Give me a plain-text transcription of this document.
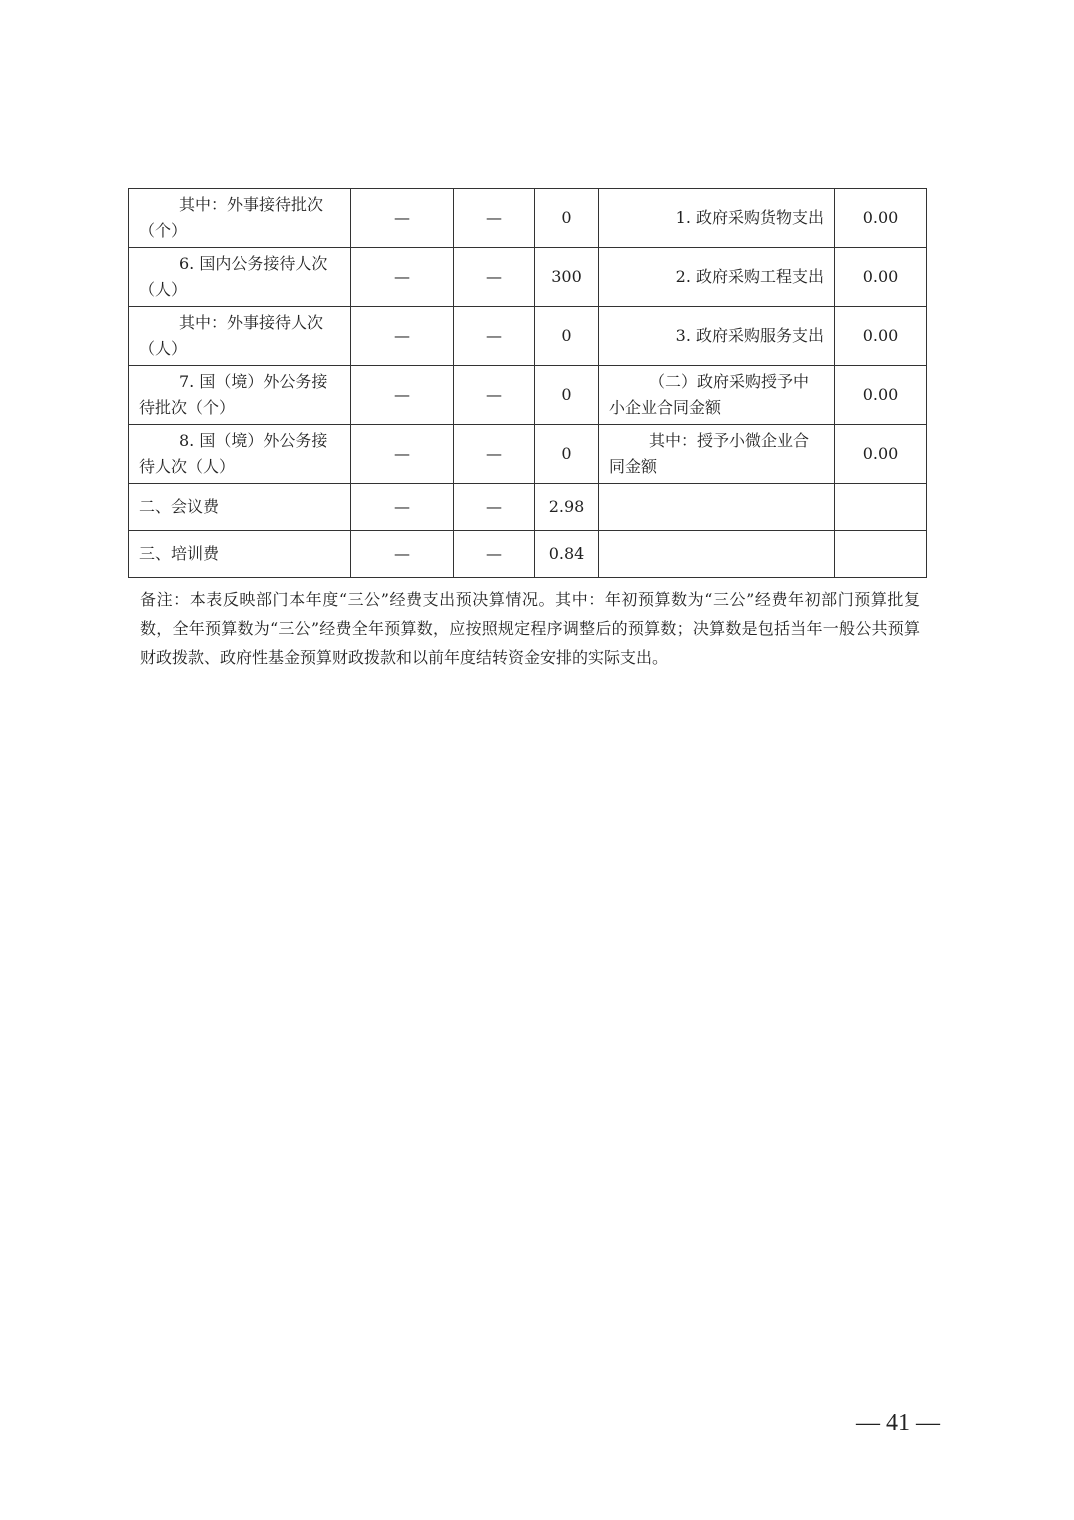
其中：外事接待批次（个）	—	—	0	1. 政府采购货物支出	0.00
6. 国内公务接待人次（人）	—	—	300	2. 政府采购工程支出	0.00
其中：外事接待人次（人）	—	—	0	3. 政府采购服务支出	0.00
7. 国（境）外公务接待批次（个）	—	—	0	（二）政府采购授予中小企业合同金额	0.00
8. 国（境）外公务接待人次（人）	—	—	0	其中：授予小微企业合同金额	0.00
二、会议费	—	—	2.98		
三、培训费	—	—	0.84		
备注：本表反映部门本年度“三公”经费支出预决算情况。其中：年初预算数为“三公”经费年初部门预算批复数，全年预算数为“三公”经费全年预算数，应按照规定程序调整后的预算数；决算数是包括当年一般公共预算财政拨款、政府性基金预算财政拨款和以前年度结转资金安排的实际支出。
— 41 —
